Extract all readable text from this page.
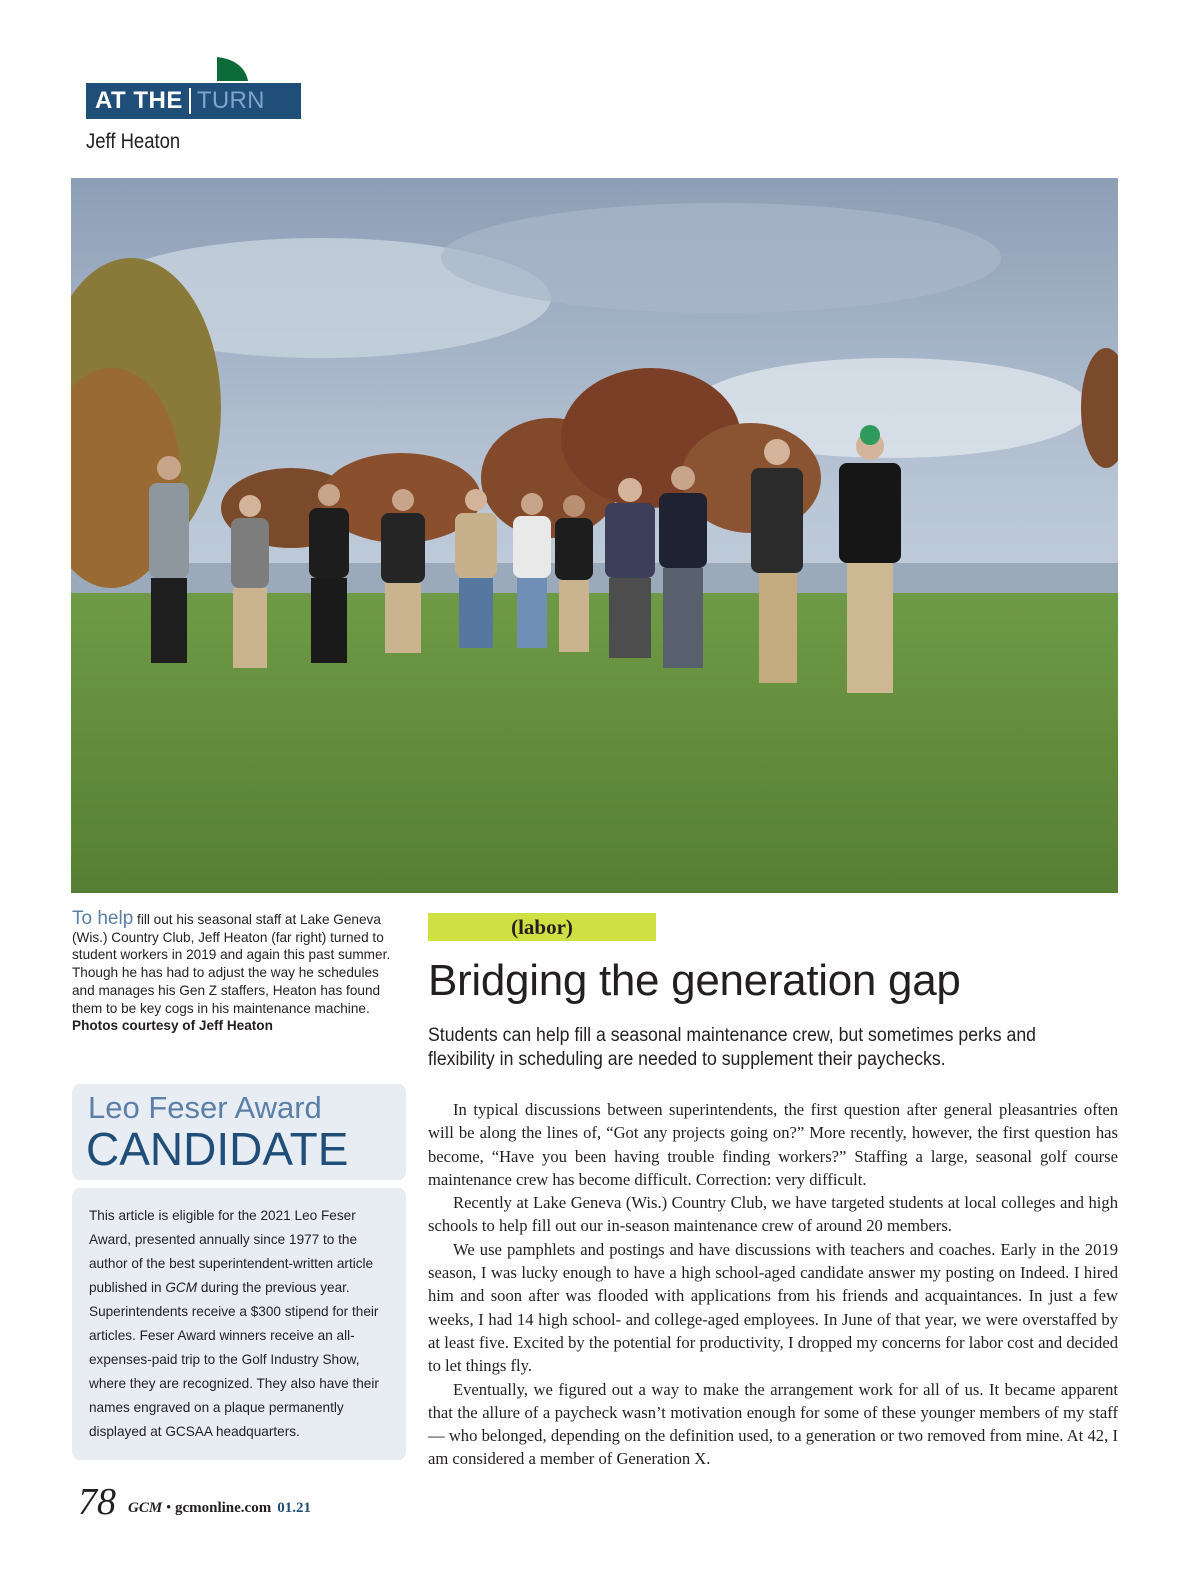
AT THE TURN
Jeff Heaton
To help fill out his seasonal staff at Lake Geneva (Wis.) Country Club, Jeff Heaton (far right) turned to student workers in 2019 and again this past summer. Though he has had to adjust the way he schedules and manages his Gen Z staffers, Heaton has found them to be key cogs in his maintenance machine. Photos courtesy of Jeff Heaton
Leo Feser Award
CANDIDATE
This article is eligible for the 2021 Leo Feser Award, presented annually since 1977 to the author of the best superintendent-written article published in GCM during the previous year. Superintendents receive a $300 stipend for their articles. Feser Award winners receive an all-expenses-paid trip to the Golf Industry Show, where they are recognized. They also have their names engraved on a plaque permanently displayed at GCSAA headquarters.
(labor)
Bridging the generation gap
Students can help fill a seasonal maintenance crew, but sometimes perks and flexibility in scheduling are needed to supplement their paychecks.

In typical discussions between superintendents, the first question after general pleasantries often will be along the lines of, “Got any projects going on?” More recently, however, the first question has become, “Have you been having trouble finding workers?” Staffing a large, seasonal golf course maintenance crew has become difficult. Correction: very difficult.

Recently at Lake Geneva (Wis.) Country Club, we have targeted students at local colleges and high schools to help fill out our in-season maintenance crew of around 20 members.

We use pamphlets and postings and have discussions with teachers and coaches. Early in the 2019 season, I was lucky enough to have a high school-aged candidate answer my posting on Indeed. I hired him and soon after was flooded with applications from his friends and acquaintances. In just a few weeks, I had 14 high school- and college-aged employees. In June of that year, we were overstaffed by at least five. Excited by the potential for productivity, I dropped my concerns for labor cost and decided to let things fly.

Eventually, we figured out a way to make the arrangement work for all of us. It became apparent that the allure of a paycheck wasn’t motivation enough for some of these younger members of my staff — who belonged, depending on the definition used, to a generation or two removed from mine. At 42, I am considered a member of Generation X.

78 GCM • gcmonline.com 01.21
